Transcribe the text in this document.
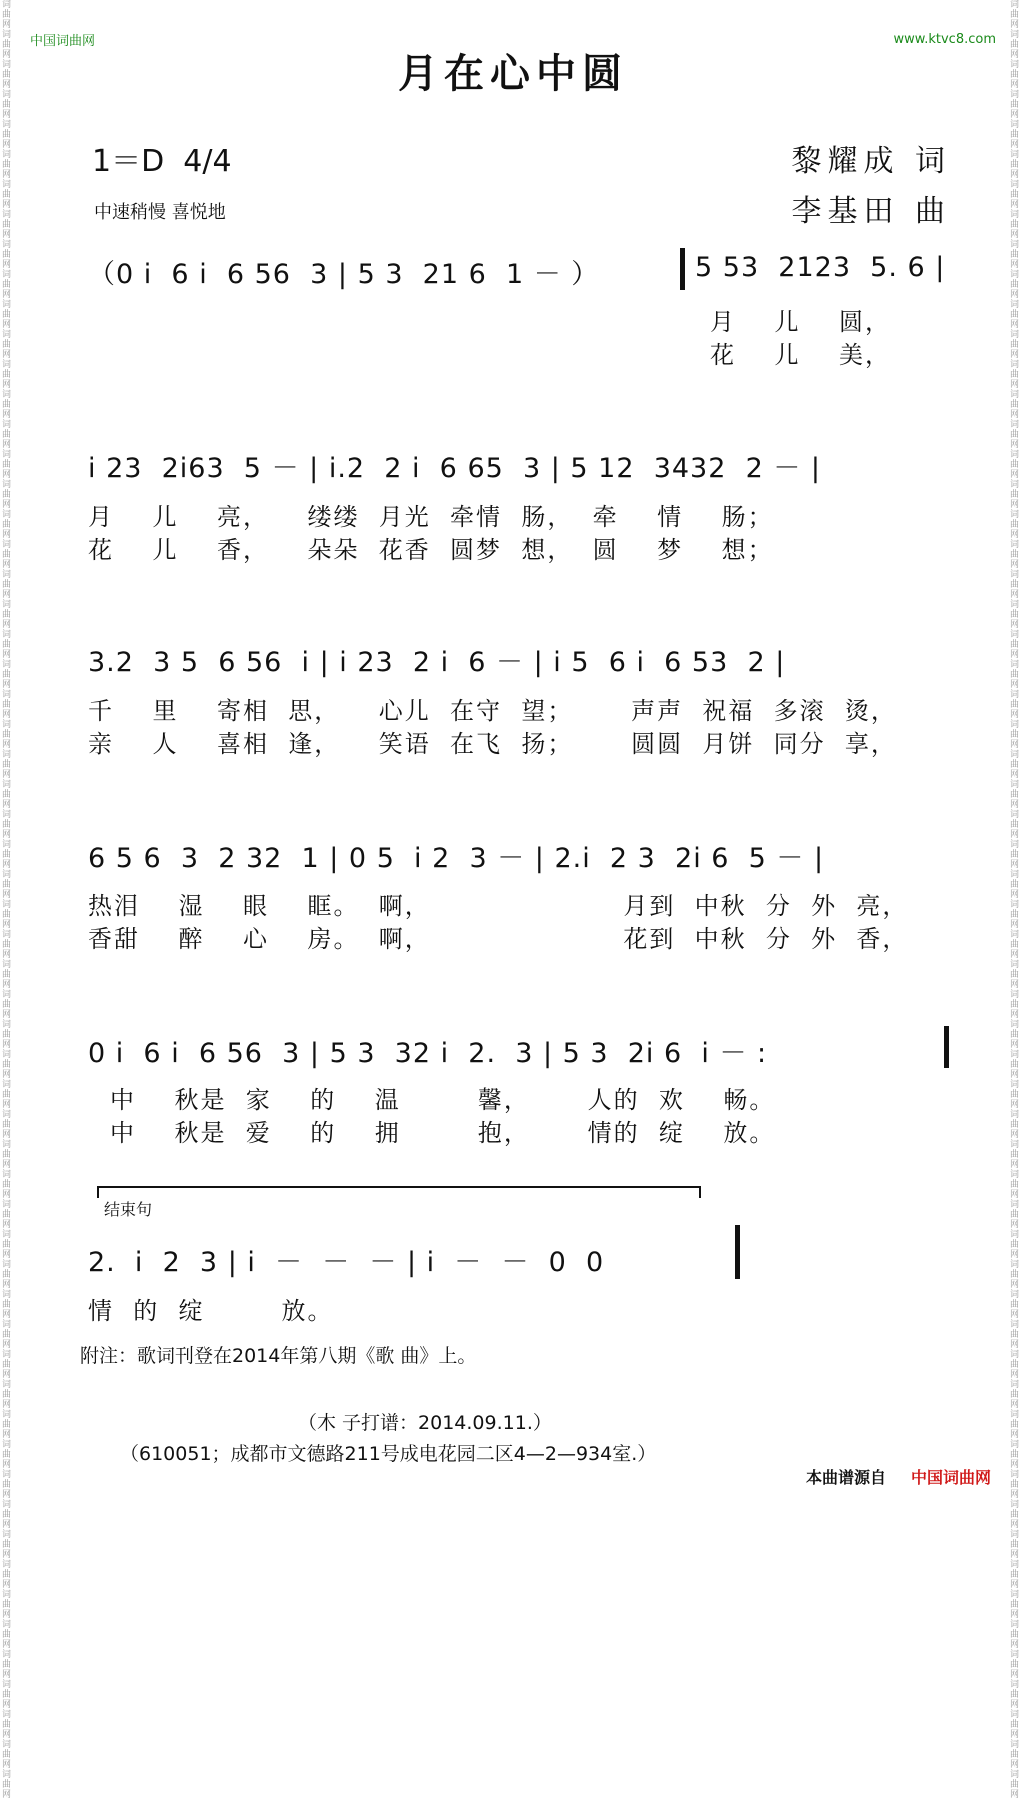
词曲网 词曲网 词曲网 词曲网 词曲网 词曲网 词曲网 词曲网 词曲网 词曲网 词曲网 词曲网 词曲网 词曲网 词曲网 词曲网 词曲网 词曲网 词曲网 词曲网 词曲网 词曲网 词曲网 词曲网 词曲网 词曲网 词曲网 词曲网 词曲网 词曲网 词曲网 词曲网 词曲网 词曲网 词曲网 词曲网 词曲网 词曲网 词曲网 词曲网 词曲网 词曲网 词曲网 词曲网 词曲网 词曲网 词曲网 词曲网 词曲网 词曲网 词曲网 词曲网 词曲网 词曲网 词曲网 词曲网 词曲网 词曲网 词曲网 词曲网
词曲网 词曲网 词曲网 词曲网 词曲网 词曲网 词曲网 词曲网 词曲网 词曲网 词曲网 词曲网 词曲网 词曲网 词曲网 词曲网 词曲网 词曲网 词曲网 词曲网 词曲网 词曲网 词曲网 词曲网 词曲网 词曲网 词曲网 词曲网 词曲网 词曲网 词曲网 词曲网 词曲网 词曲网 词曲网 词曲网 词曲网 词曲网 词曲网 词曲网 词曲网 词曲网 词曲网 词曲网 词曲网 词曲网 词曲网 词曲网 词曲网 词曲网 词曲网 词曲网 词曲网 词曲网 词曲网 词曲网 词曲网 词曲网 词曲网 词曲网
中国词曲网	www.ktvc8.com
月在心中圆
1＝D  4/4
中速稍慢 喜悦地
黎耀成 词
李基田 曲
（0 i  6 i  6 56  3 | 5 3  21 6  1 － ）	5 53  2123  5. 6 |
月    儿    圆，
花    儿    美，
i 23  2i63  5 － | i.2  2 i  6 65  3 | 5 12  3432  2 － |
月    儿    亮，    缕缕  月光  牵情  肠，  牵    情    肠；
花    儿    香，    朵朵  花香  圆梦  想，  圆    梦    想；
3.2  3 5  6 56  i | i 23  2 i  6 － | i 5  6 i  6 53  2 |
千    里    寄相  思，    心儿  在守  望；      声声  祝福  多滚  烫，
亲    人    喜相  逢，    笑语  在飞  扬；      圆圆  月饼  同分  享，
6 5 6  3  2 32  1 | 0 5  i 2  3 － | 2.i  2 3  2i 6  5 － |
热泪    湿    眼    眶。  啊，                    月到  中秋  分  外  亮，
香甜    醉    心    房。  啊，                    花到  中秋  分  外  香，
0 i  6 i  6 56  3 | 5 3  32 i  2.  3 | 5 3  2i 6  i － :
中    秋是  家    的    温        馨，      人的  欢    畅。
中    秋是  爱    的    拥        抱，      情的  绽    放。
结束句
2.  i  2  3 | i  －  －  － | i  －  －  0  0
情  的  绽        放。
附注：歌词刊登在2014年第八期《歌 曲》上。
（木 子打谱：2014.09.11.）
（610051；成都市文德路211号成电花园二区4—2—934室.）
本曲谱源自 中国词曲网
